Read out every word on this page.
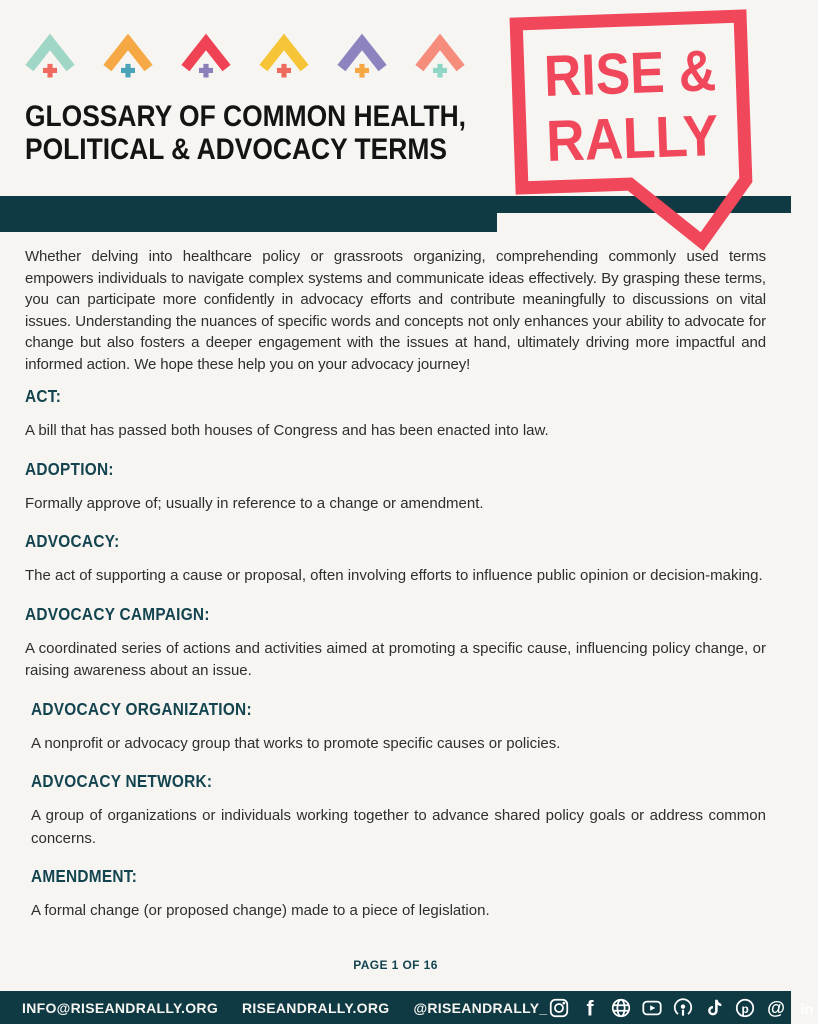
GLOSSARY OF COMMON HEALTH,
POLITICAL & ADVOCACY TERMS
RISE &
RALLY

Whether delving into healthcare policy or grassroots organizing, comprehending commonly used terms empowers individuals to navigate complex systems and communicate ideas effectively. By grasping these terms, you can participate more confidently in advocacy efforts and contribute meaningfully to discussions on vital issues. Understanding the nuances of specific words and concepts not only enhances your ability to advocate for change but also fosters a deeper engagement with the issues at hand, ultimately driving more impactful and informed action. We hope these help you on your advocacy journey!

ACT:

A bill that has passed both houses of Congress and has been enacted into law.

ADOPTION:

Formally approve of; usually in reference to a change or amendment.

ADVOCACY:

The act of supporting a cause or proposal, often involving efforts to influence public opinion or decision-making.

ADVOCACY CAMPAIGN:

A coordinated series of actions and activities aimed at promoting a specific cause, influencing policy change, or raising awareness about an issue.

ADVOCACY ORGANIZATION:

A nonprofit or advocacy group that works to promote specific causes or policies.

ADVOCACY NETWORK:

A group of organizations or individuals working together to advance shared policy goals or address common concerns.

AMENDMENT:

A formal change (or proposed change) made to a piece of legislation.

PAGE 1 OF 16
INFO@RISEANDRALLY.ORG RISEANDRALLY.ORG @RISEANDRALLY_ f	p @ in
